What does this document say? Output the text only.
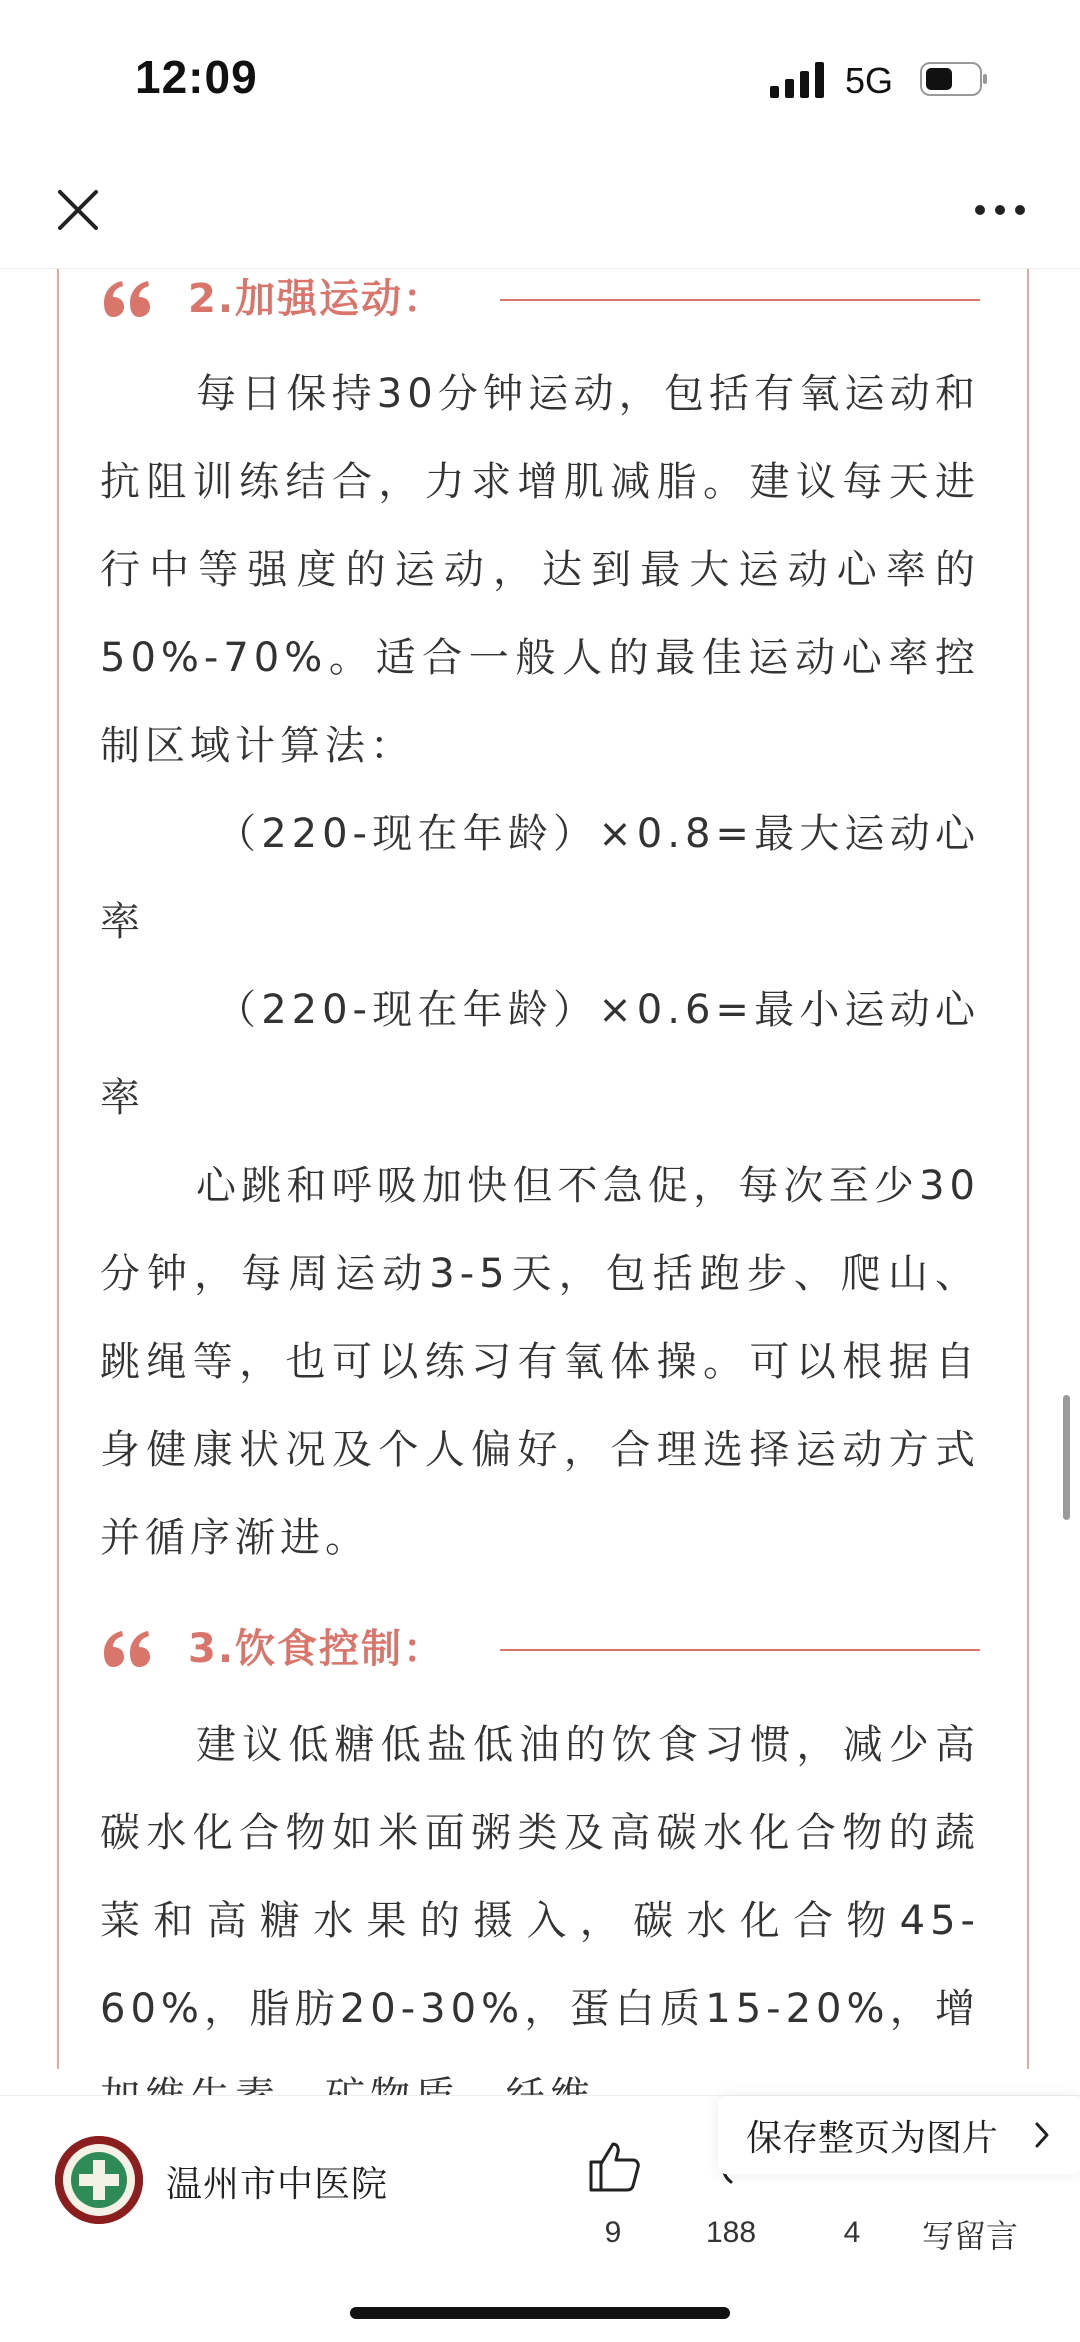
12:09	5G
2.加强运动：

每日保持30分钟运动，包括有氧运动和抗阻训练结合，力求增肌减脂。建议每天进行中等强度的运动，达到最大运动心率的50%-70%。适合一般人的最佳运动心率控制区域计算法：

（220-现在年龄）×0.8=最大运动心率

（220-现在年龄）×0.6=最小运动心率

心跳和呼吸加快但不急促，每次至少30分钟，每周运动3-5天，包括跑步、爬山、跳绳等，也可以练习有氧体操。可以根据自身健康状况及个人偏好，合理选择运动方式并循序渐进。

3.饮食控制：

建议低糖低盐低油的饮食习惯，减少高碳水化合物如米面粥类及高碳水化合物的蔬菜和高糖水果的摄入，碳水化合物45-60%，脂肪20-30%，蛋白质15-20%，增

温州市中医院
9	188	4	写留言
保存整页为图片
